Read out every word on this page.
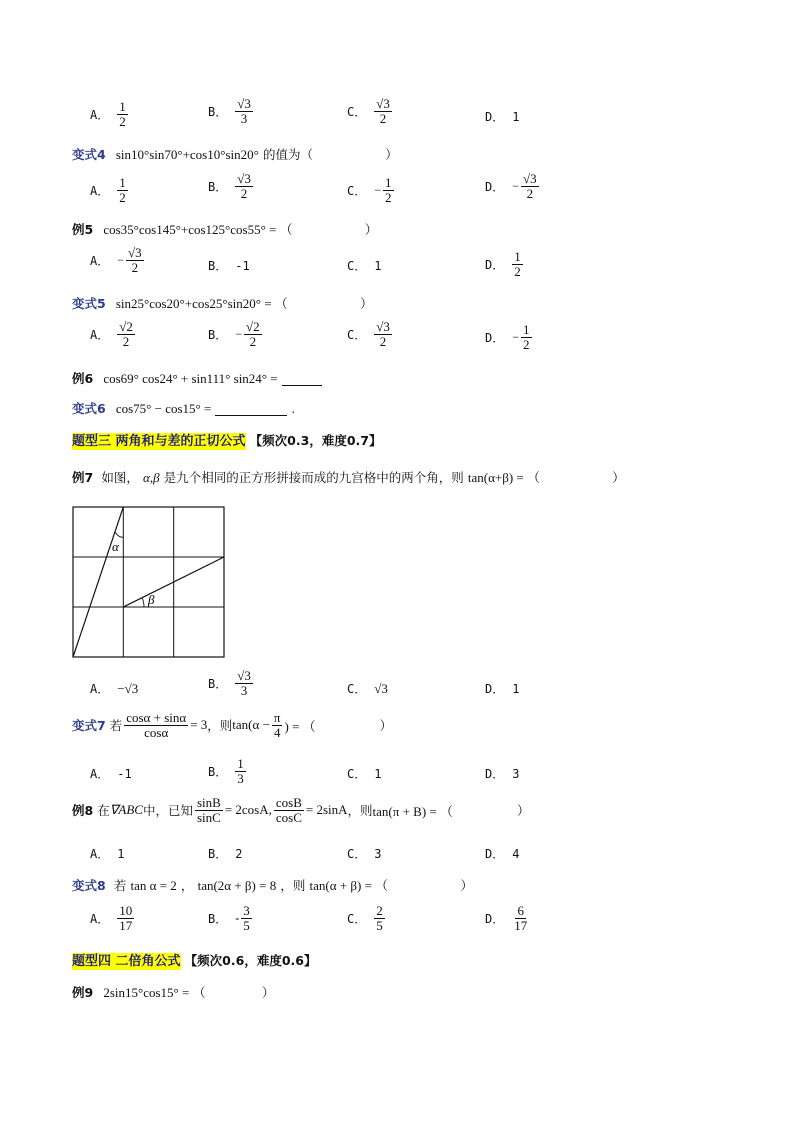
A． $\frac{1}{2}$	B． $\frac{√3}{3}$	C． $\frac{√3}{2}$	D． 1
变式4 sin10°sin70°+cos10°sin20° 的值为（	）
A． $\frac{1}{2}$	B． $\frac{√3}{2}$	C． − $\frac{1}{2}$	D． − $\frac{√3}{2}$
例5 cos35°cos145°+cos125°cos55° = （	）
A． − $\frac{√3}{2}$	B． -1	C． 1	D． $\frac{1}{2}$
变式5 sin25°cos20°+cos25°sin20° = （	）
A． $\frac{√2}{2}$	B． − $\frac{√2}{2}$	C． $\frac{√3}{2}$	D． − $\frac{1}{2}$
例6 cos69° cos24° + sin111° sin24° =
变式6 cos75° − cos15° =	.
题型三 两角和与差的正切公式 【频次0.3，难度0.7】
例7 如图， α,β 是九个相同的正方形拼接而成的九宫格中的两个角，则 tan(α+β) = （	）
α
β
A． −√3	B． $\frac{√3}{3}$	C． √3	D． 1
变式7 若 $\frac{\cos\alpha + \sin\alpha}{\cos\alpha} = 3$ ，则 $\tan(\alpha - \frac{\pi}{4}$ ) = （	）
A． -1	B． $\frac{1}{3}$	C． 1	D． 3
例8 在 ∇ABC 中，已知 $\frac{\sin B}{\sin C} = 2\cos A$, $\frac{\cos B}{\cos C} = 2\sin A$ ，则 tan(π + B) = （	）
A． 1	B． 2	C． 3	D． 4
变式8 若 tan α = 2 ， tan(2α + β) = 8 ，则 tan(α + β) = （	）
A． $\frac{10}{17}$	B． - $\frac{3}{5}$	C． $\frac{2}{5}$	D． $\frac{6}{17}$
题型四 二倍角公式 【频次0.6，难度0.6】
例9 2sin15°cos15° = （	）
